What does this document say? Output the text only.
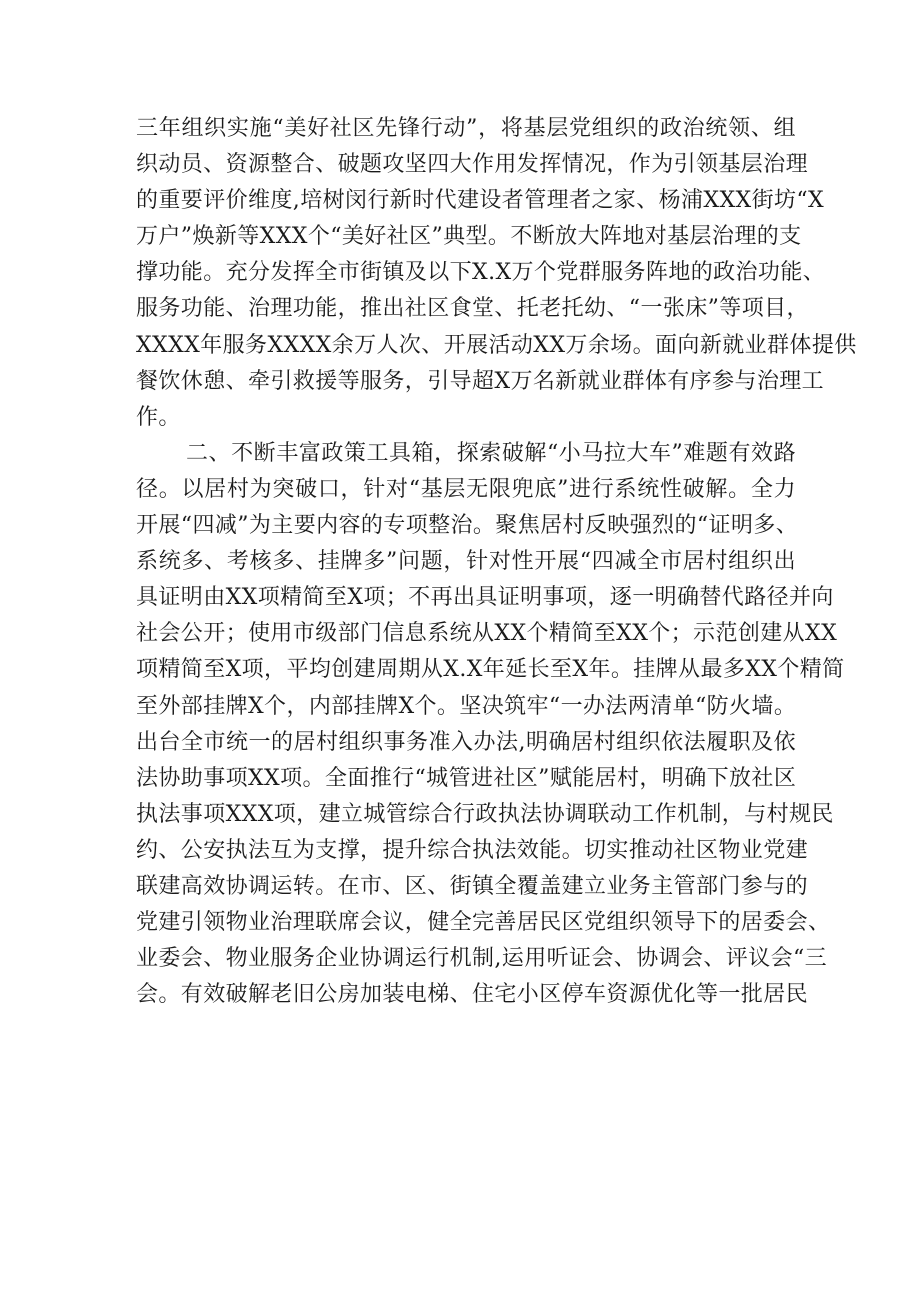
三年组织实施“美好社区先锋行动”，将基层党组织的政治统领、组
织动员、资源整合、破题攻坚四大作用发挥情况，作为引领基层治理
的重要评价维度,培树闵行新时代建设者管理者之家、杨浦XXX街坊“X
万户”焕新等XXX个“美好社区”典型。不断放大阵地对基层治理的支
撑功能。充分发挥全市街镇及以下X.X万个党群服务阵地的政治功能、
服务功能、治理功能，推出社区食堂、托老托幼、“一张床”等项目，
XXXX年服务XXXX余万人次、开展活动XX万余场。面向新就业群体提供
餐饮休憩、牵引救援等服务，引导超X万名新就业群体有序参与治理工
作。
二、不断丰富政策工具箱，探索破解“小马拉大车”难题有效路
径。以居村为突破口，针对“基层无限兜底”进行系统性破解。全力
开展“四减”为主要内容的专项整治。聚焦居村反映强烈的“证明多、
系统多、考核多、挂牌多”问题，针对性开展“四减全市居村组织出
具证明由XX项精简至X项；不再出具证明事项，逐一明确替代路径并向
社会公开；使用市级部门信息系统从XX个精简至XX个；示范创建从XX
项精简至X项，平均创建周期从X.X年延长至X年。挂牌从最多XX个精简
至外部挂牌X个，内部挂牌X个。坚决筑牢“一办法两清单“防火墙。
出台全市统一的居村组织事务准入办法,明确居村组织依法履职及依
法协助事项XX项。全面推行“城管进社区”赋能居村，明确下放社区
执法事项XXX项，建立城管综合行政执法协调联动工作机制，与村规民
约、公安执法互为支撑，提升综合执法效能。切实推动社区物业党建
联建高效协调运转。在市、区、街镇全覆盖建立业务主管部门参与的
党建引领物业治理联席会议，健全完善居民区党组织领导下的居委会、
业委会、物业服务企业协调运行机制,运用听证会、协调会、评议会“三
会。有效破解老旧公房加装电梯、住宅小区停车资源优化等一批居民
